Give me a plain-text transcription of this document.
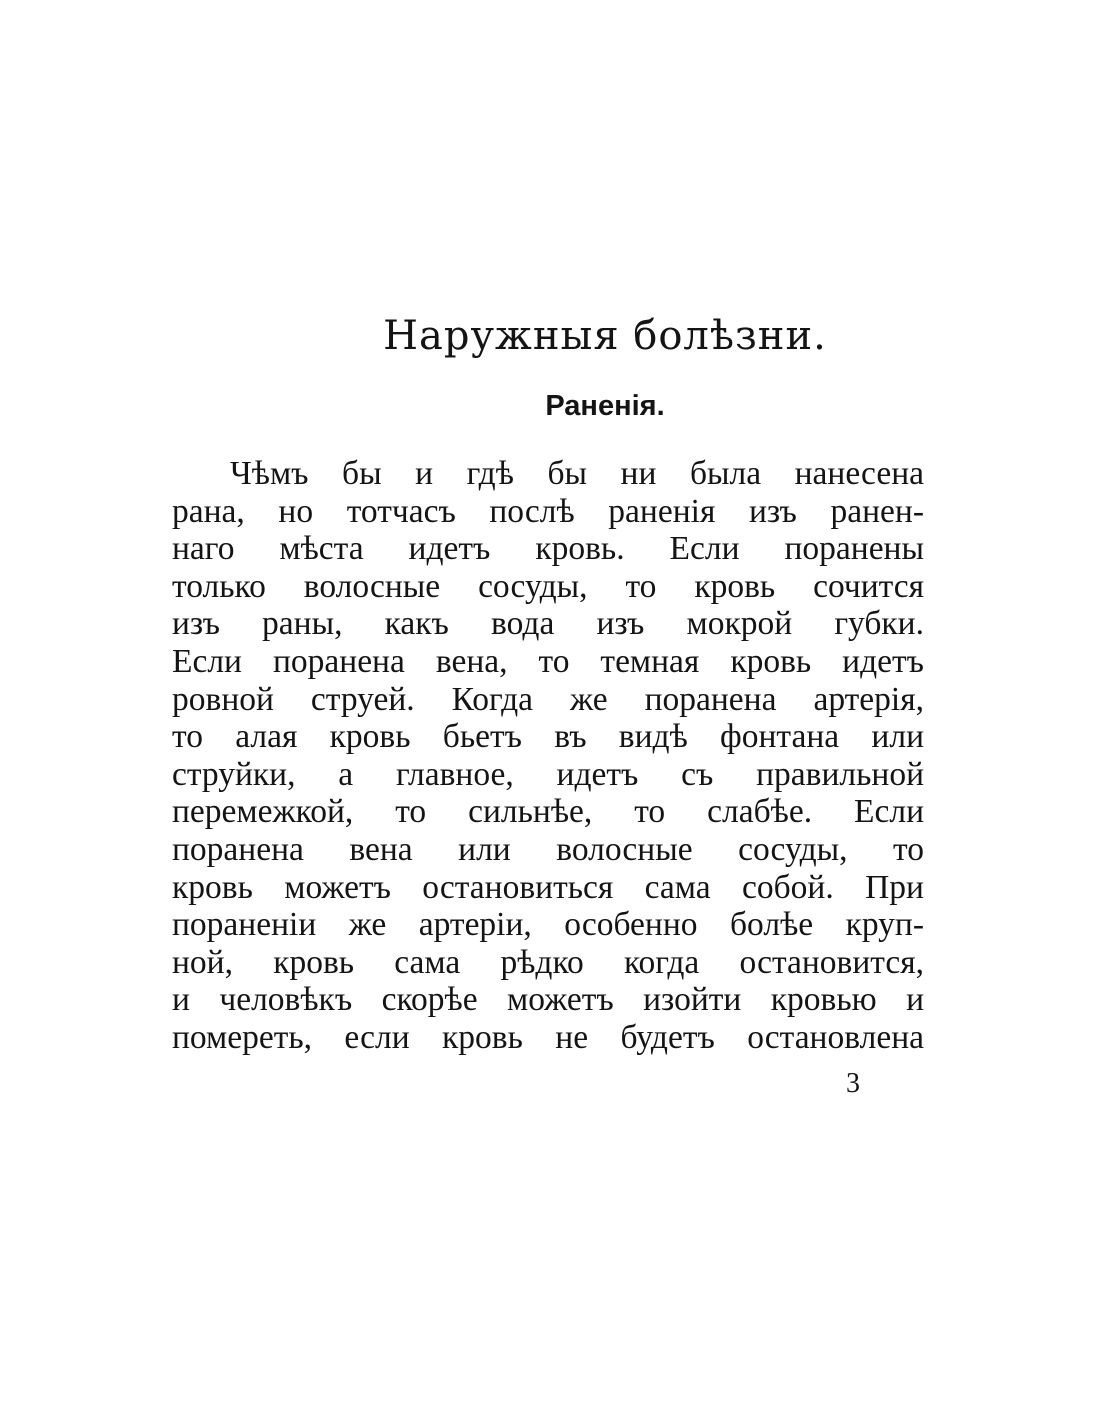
Наружныя болѣзни.
Раненія.
Чѣмъ бы и гдѣ бы ни была нанесена
рана, но тотчасъ послѣ раненія изъ ранен-
наго мѣста идетъ кровь. Если поранены
только волосные сосуды, то кровь сочится
изъ раны, какъ вода изъ мокрой губки.
Если поранена вена, то темная кровь идетъ
ровной струей. Когда же поранена артерія,
то алая кровь бьетъ въ видѣ фонтана или
струйки, а главное, идетъ съ правильной
перемежкой, то сильнѣе, то слабѣе. Если
поранена вена или волосные сосуды, то
кровь можетъ остановиться сама собой. При
пораненіи же артеріи, особенно болѣе круп-
ной, кровь сама рѣдко когда остановится,
и человѣкъ скорѣе можетъ изойти кровью и
померeть, если кровь не будетъ остановлена
3
